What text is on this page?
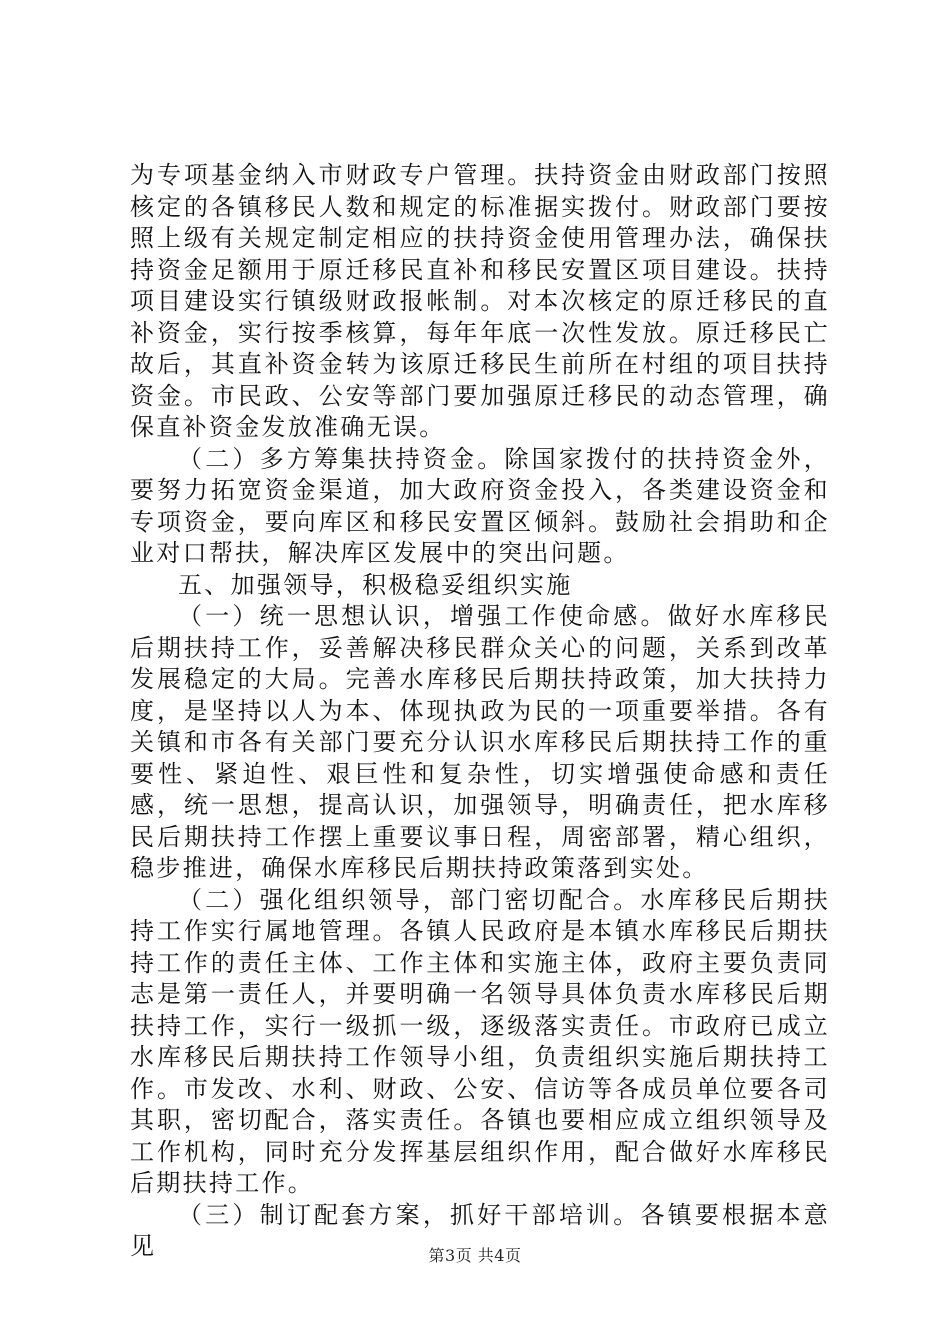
为专项基金纳入市财政专户管理。扶持资金由财政部门按照核定的各镇移民人数和规定的标准据实拨付。财政部门要按照上级有关规定制定相应的扶持资金使用管理办法，确保扶持资金足额用于原迁移民直补和移民安置区项目建设。扶持项目建设实行镇级财政报帐制。对本次核定的原迁移民的直补资金，实行按季核算，每年年底一次性发放。原迁移民亡故后，其直补资金转为该原迁移民生前所在村组的项目扶持资金。市民政、公安等部门要加强原迁移民的动态管理，确保直补资金发放准确无误。

（二）多方筹集扶持资金。除国家拨付的扶持资金外，要努力拓宽资金渠道，加大政府资金投入，各类建设资金和专项资金，要向库区和移民安置区倾斜。鼓励社会捐助和企业对口帮扶，解决库区发展中的突出问题。

五、加强领导，积极稳妥组织实施

（一）统一思想认识，增强工作使命感。做好水库移民后期扶持工作，妥善解决移民群众关心的问题，关系到改革发展稳定的大局。完善水库移民后期扶持政策，加大扶持力度，是坚持以人为本、体现执政为民的一项重要举措。各有关镇和市各有关部门要充分认识水库移民后期扶持工作的重要性、紧迫性、艰巨性和复杂性，切实增强使命感和责任感，统一思想，提高认识，加强领导，明确责任，把水库移民后期扶持工作摆上重要议事日程，周密部署，精心组织，稳步推进，确保水库移民后期扶持政策落到实处。

（二）强化组织领导，部门密切配合。水库移民后期扶持工作实行属地管理。各镇人民政府是本镇水库移民后期扶持工作的责任主体、工作主体和实施主体，政府主要负责同志是第一责任人，并要明确一名领导具体负责水库移民后期扶持工作，实行一级抓一级，逐级落实责任。市政府已成立水库移民后期扶持工作领导小组，负责组织实施后期扶持工作。市发改、水利、财政、公安、信访等各成员单位要各司其职，密切配合，落实责任。各镇也要相应成立组织领导及工作机构，同时充分发挥基层组织作用，配合做好水库移民后期扶持工作。

（三）制订配套方案，抓好干部培训。各镇要根据本意见	第3页 共4页
